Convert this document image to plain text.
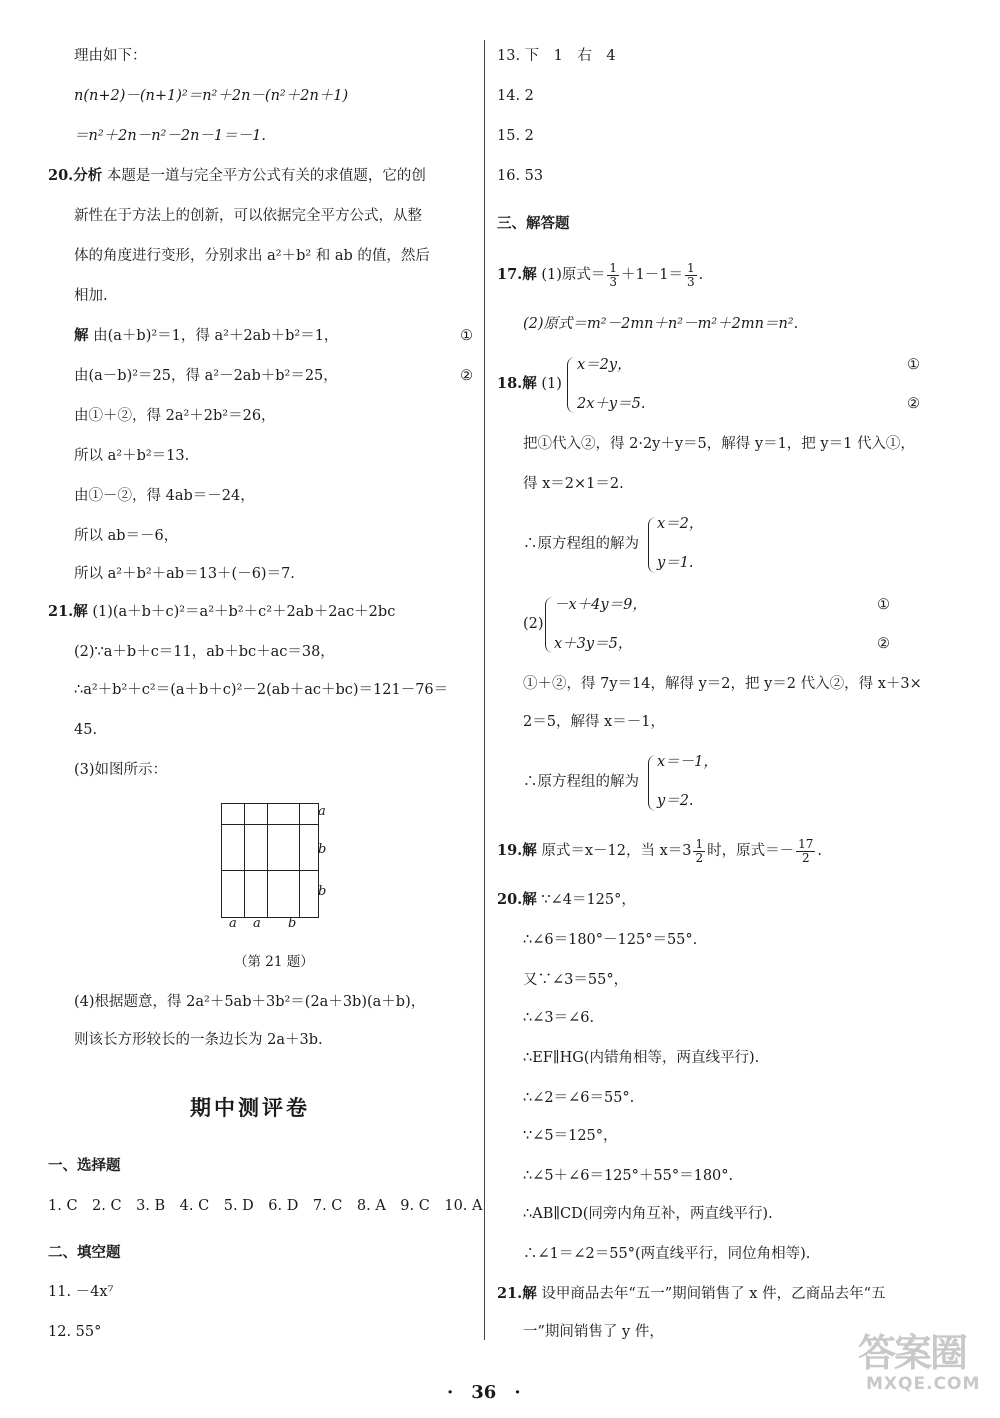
理由如下：
n(n+2)－(n+1)²＝n²＋2n－(n²＋2n＋1)
＝n²＋2n－n²－2n－1＝－1.
20.分析 本题是一道与完全平方公式有关的求值题，它的创
新性在于方法上的创新，可以依据完全平方公式，从整
体的角度进行变形，分别求出 a²＋b² 和 ab 的值，然后
相加.
解 由(a＋b)²＝1，得 a²＋2ab＋b²＝1，	①
由(a－b)²＝25，得 a²－2ab＋b²＝25，	②
由①＋②，得 2a²＋2b²＝26，
所以 a²＋b²＝13.
由①－②，得 4ab＝－24，
所以 ab＝－6，
所以 a²＋b²＋ab＝13＋(－6)＝7.
21.解 (1)(a＋b＋c)²＝a²＋b²＋c²＋2ab＋2ac＋2bc
(2)∵a＋b＋c＝11，ab＋bc＋ac＝38，
∴a²＋b²＋c²＝(a＋b＋c)²－2(ab＋ac＋bc)＝121－76＝
45.
(3)如图所示：
a
b
b
a a b
（第 21 题）
(4)根据题意，得 2a²＋5ab＋3b²＝(2a＋3b)(a＋b)，
则该长方形较长的一条边长为 2a＋3b.
期中测评卷
一、选择题
1. C　2. C　3. B　4. C　5. D　6. D　7. C　8. A　9. C　10. A
二、填空题
11. －4x⁷
12. 55°
13. 下　1　右　4
14. 2
15. 2
16. 53
三、解答题
17.解 (1)原式＝ $\frac{1}{3} +1-1= \frac{1}{3}$ .
(2)原式＝m²－2mn＋n²－m²＋2mn＝n².
18.解 (1)
x＝2y，	①
2x＋y＝5.	②
把①代入②，得 2·2y＋y＝5，解得 y＝1，把 y＝1 代入①，
得 x＝2×1＝2.
∴原方程组的解为
x＝2，
y＝1.
(2)
－x＋4y＝9，	①
x＋3y＝5，	②
①＋②，得 7y＝14，解得 y＝2，把 y＝2 代入②，得 x＋3×
2＝5，解得 x＝－1，
∴原方程组的解为
x＝－1，
y＝2.
19.解 原式＝x－12，当 $x=3 \frac{1}{2}$ 时，原式＝－ $\frac{17}{2}$ .
20.解 ∵∠4＝125°，
∴∠6＝180°－125°＝55°.
又∵∠3＝55°，
∴∠3＝∠6.
∴EF∥HG(内错角相等，两直线平行).
∴∠2＝∠6＝55°.
∵∠5＝125°，
∴∠5＋∠6＝125°＋55°＝180°.
∴AB∥CD(同旁内角互补，两直线平行).
∴∠1＝∠2＝55°(两直线平行，同位角相等).
21.解 设甲商品去年“五一”期间销售了 x 件，乙商品去年“五
一”期间销售了 y 件，
·　36　·
答案圈
MXQE.COM
